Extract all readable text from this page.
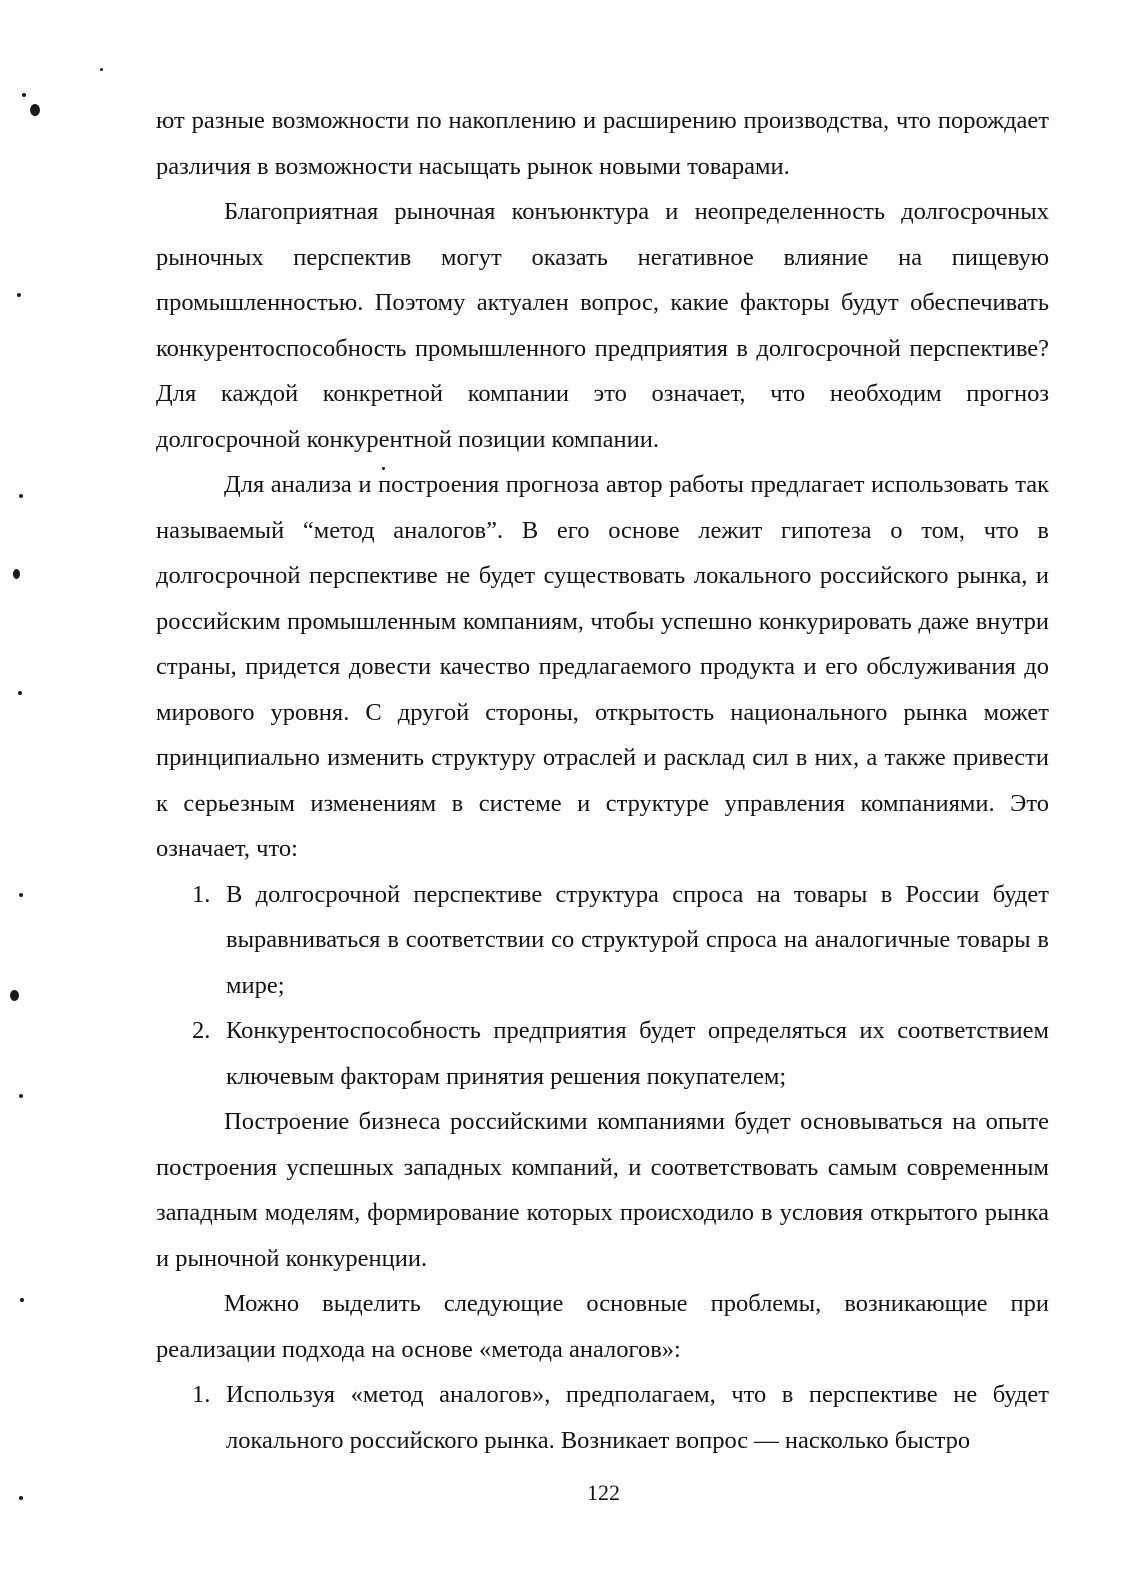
ют разные возможности по накоплению и расширению производства, что порождает различия в возможности насыщать рынок новыми товарами.

Благоприятная рыночная конъюнктура и неопределенность долгосрочных рыночных перспектив могут оказать негативное влияние на пищевую промышленностью. Поэтому актуален вопрос, какие факторы будут обеспечивать конкурентоспособность промышленного предприятия в долгосрочной перспективе? Для каждой конкретной компании это означает, что необходим прогноз долгосрочной конкурентной позиции компании.

Для анализа и построения прогноза автор работы предлагает использовать так называемый “метод аналогов”. В его основе лежит гипотеза о том, что в долгосрочной перспективе не будет существовать локального российского рынка, и российским промышленным компаниям, чтобы успешно конкурировать даже внутри страны, придется довести качество предлагаемого продукта и его обслуживания до мирового уровня. С другой стороны, открытость национального рынка может принципиально изменить структуру отраслей и расклад сил в них, а также привести к серьезным изменениям в системе и структуре управления компаниями. Это означает, что:

1. В долгосрочной перспективе структура спроса на товары в России будет выравниваться в соответствии со структурой спроса на аналогичные товары в мире;
2. Конкурентоспособность предприятия будет определяться их соответствием ключевым факторам принятия решения покупателем;

Построение бизнеса российскими компаниями будет основываться на опыте построения успешных западных компаний, и соответствовать самым современным западным моделям, формирование которых происходило в условия открытого рынка и рыночной конкуренции.

Можно выделить следующие основные проблемы, возникающие при реализации подхода на основе «метода аналогов»:

1. Используя «метод аналогов», предполагаем, что в перспективе не будет локального российского рынка. Возникает вопрос — насколько быстро
122
